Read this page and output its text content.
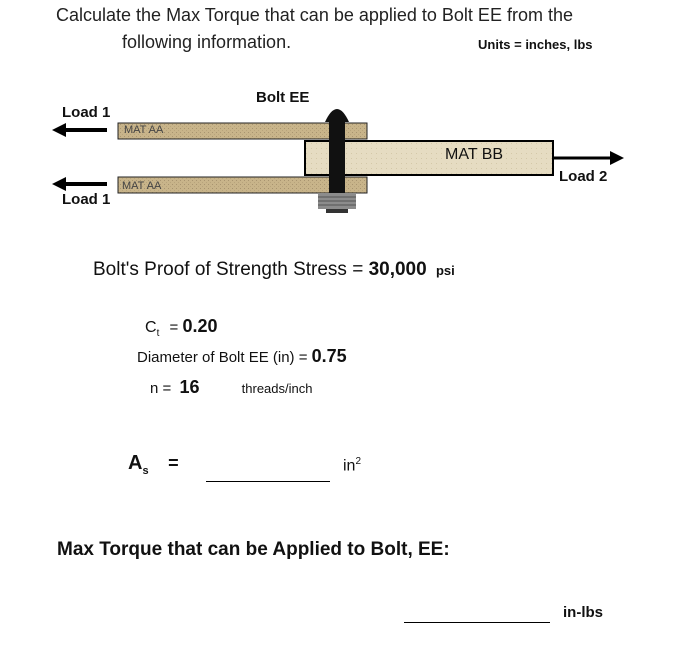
Calculate the Max Torque that can be applied to Bolt EE from the
following information.	Units = inches, lbs
Bolt EE
Load 1
Load 1
Load 2
MAT AA
MAT AA
MAT BB
Bolt's Proof of Strength Stress = 30,000 psi
$C_t = 0.20$
Diameter of Bolt EE (in) = 0.75
n = 16	threads/inch
$A_s$ =	$in^2$
Max Torque that can be Applied to Bolt, EE:
in-lbs
